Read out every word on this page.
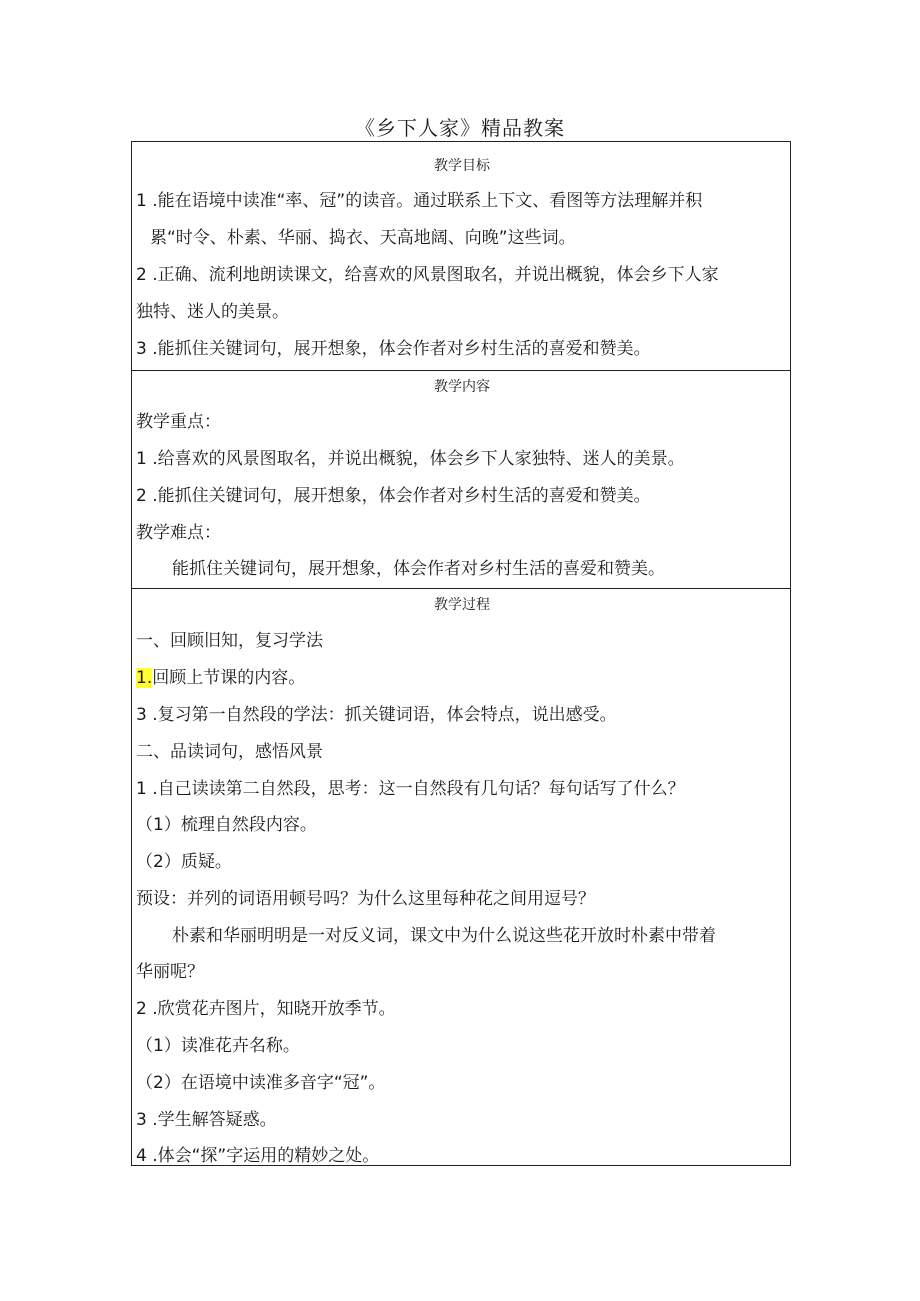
《乡下人家》精品教案
教学目标
1 .能在语境中读准“率、冠”的读音。通过联系上下文、看图等方法理解并积
累“时令、朴素、华丽、捣衣、天高地阔、向晚”这些词。
2 .正确、流利地朗读课文，给喜欢的风景图取名，并说出概貌，体会乡下人家
独特、迷人的美景。
3 .能抓住关键词句，展开想象，体会作者对乡村生活的喜爱和赞美。
教学内容
教学重点：
1 .给喜欢的风景图取名，并说出概貌，体会乡下人家独特、迷人的美景。
2 .能抓住关键词句，展开想象，体会作者对乡村生活的喜爱和赞美。
教学难点：
能抓住关键词句，展开想象，体会作者对乡村生活的喜爱和赞美。
教学过程
一、回顾旧知，复习学法
1.回顾上节课的内容。
3 .复习第一自然段的学法：抓关键词语，体会特点，说出感受。
二、品读词句，感悟风景
1 .自己读读第二自然段，思考：这一自然段有几句话？每句话写了什么？
（1）梳理自然段内容。
（2）质疑。
预设：并列的词语用顿号吗？为什么这里每种花之间用逗号？
朴素和华丽明明是一对反义词，课文中为什么说这些花开放时朴素中带着
华丽呢？
2 .欣赏花卉图片，知晓开放季节。
（1）读准花卉名称。
（2）在语境中读准多音字“冠”。
3 .学生解答疑惑。
4 .体会“探”字运用的精妙之处。
